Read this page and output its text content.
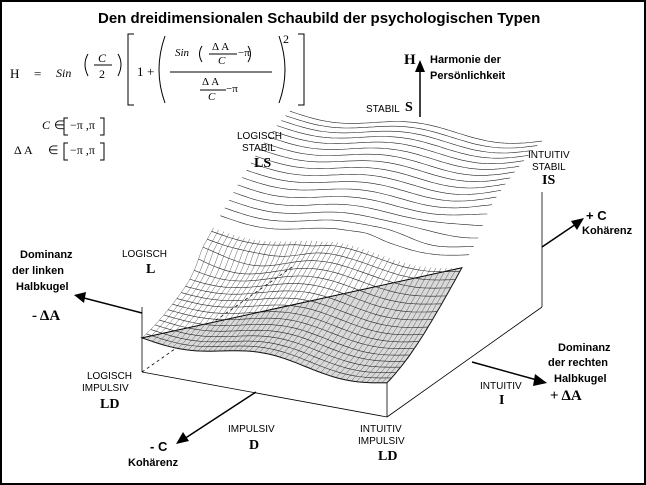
Den dreidimensionalen Schaubild der psychologischen Typen
H = Sin
C
2 1 +
Sin Δ A
C
−π
Δ A
C
−π
2
C ∈ −π ,π
Δ A ∈ −π ,π
H Harmonie der
Persönlichkeit
STABIL S
LOGISCH
STABIL
LS
INTUITIV
STABIL
IS
+ C
Kohärenz
LOGISCH
L
Dominanz
der linken
Halbkugel
- ΔA
Dominanz
der rechten
Halbkugel
+ ΔA
LOGISCH
IMPULSIV
LD
INTUITIV
I
IMPULSIV
D
- C
Kohärenz
INTUITIV
IMPULSIV
LD
